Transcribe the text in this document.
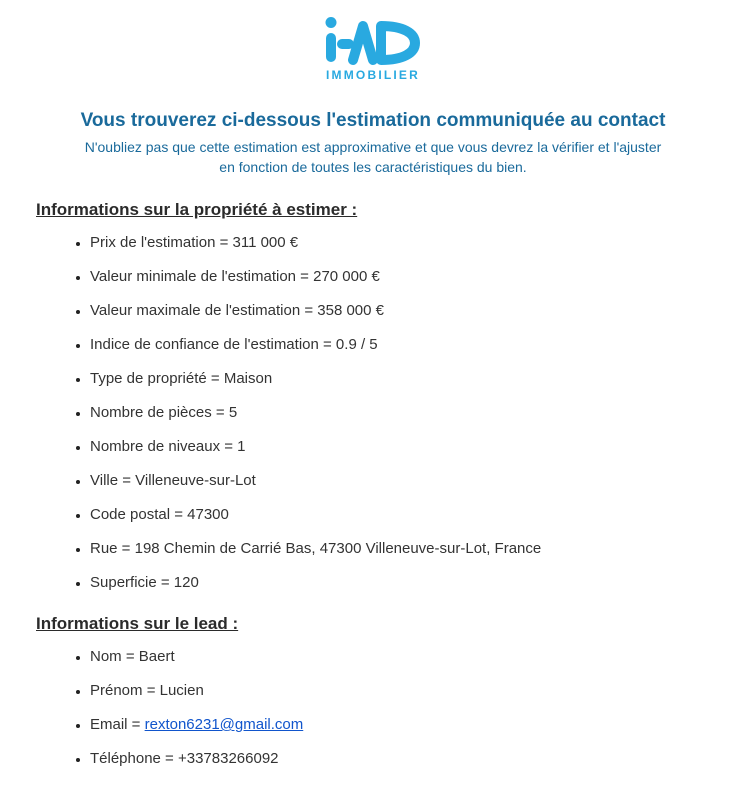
IMMOBILIER
Vous trouverez ci-dessous l'estimation communiquée au contact
N'oubliez pas que cette estimation est approximative et que vous devrez la vérifier et l'ajuster
en fonction de toutes les caractéristiques du bien.
Informations sur la propriété à estimer :
• Prix de l'estimation = 311 000 €
• Valeur minimale de l'estimation = 270 000 €
• Valeur maximale de l'estimation = 358 000 €
• Indice de confiance de l'estimation = 0.9 / 5
• Type de propriété = Maison
• Nombre de pièces = 5
• Nombre de niveaux = 1
• Ville = Villeneuve-sur-Lot
• Code postal = 47300
• Rue = 198 Chemin de Carrié Bas, 47300 Villeneuve-sur-Lot, France
• Superficie = 120
Informations sur le lead :
• Nom = Baert
• Prénom = Lucien
• Email = rexton6231@gmail.com
• Téléphone = +33783266092
